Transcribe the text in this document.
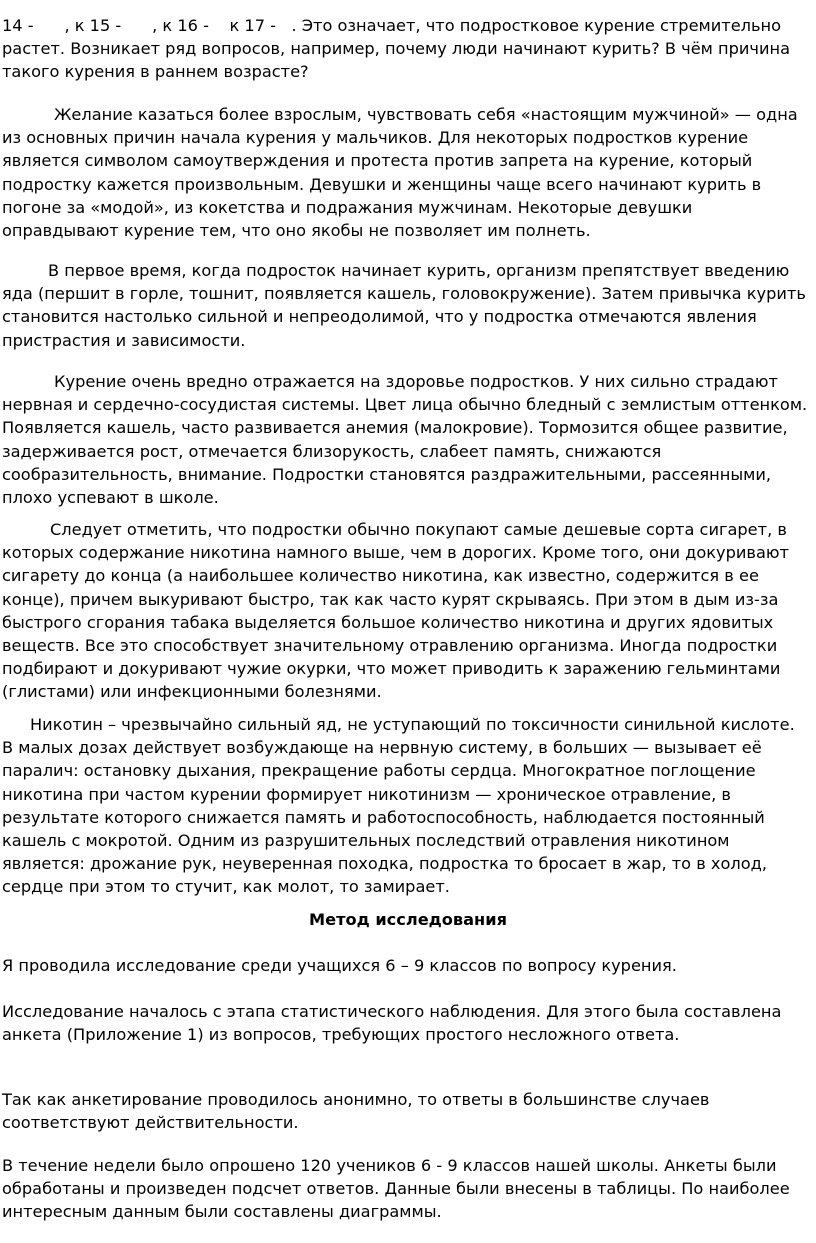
14 -      , к 15 -      , к 16 -    к 17 -   . Это означает, что подростковое курение стремительно растет. Возникает ряд вопросов, например, почему люди начинают курить? В чём причина такого курения в раннем возрасте?

Желание казаться более взрослым, чувствовать себя «настоящим мужчиной» — одна из основных причин начала курения у мальчиков. Для некоторых подростков курение является символом самоутверждения и протеста против запрета на курение, который подростку кажется произвольным. Девушки и женщины чаще всего начинают курить в погоне за «модой», из кокетства и подражания мужчинам. Некоторые девушки оправдывают курение тем, что оно якобы не позволяет им полнеть.

В первое время, когда подросток начинает курить, организм препятствует введению яда (першит в горле, тошнит, появляется кашель, головокружение). Затем привычка курить становится настолько сильной и непреодолимой, что у подростка отмечаются явления пристрастия и зависимости.

Курение очень вредно отражается на здоровье подростков. У них сильно страдают нервная и сердечно-сосудистая системы. Цвет лица обычно бледный с землистым оттенком. Появляется кашель, часто развивается анемия (малокровие). Тормозится общее развитие, задерживается рост, отмечается близорукость, слабеет память, снижаются сообразительность, внимание. Подростки становятся раздражительными, рассеянными, плохо успевают в школе.

Следует отметить, что подростки обычно покупают самые дешевые сорта сигарет, в которых содержание никотина намного выше, чем в дорогих. Кроме того, они докуривают сигарету до конца (а наибольшее количество никотина, как известно, содержится в ее конце), причем выкуривают быстро, так как часто курят скрываясь. При этом в дым из-за быстрого сгорания табака выделяется большое количество никотина и других ядовитых веществ. Все это способствует значительному отравлению организма. Иногда подростки подбирают и докуривают чужие окурки, что может приводить к заражению гельминтами (глистами) или инфекционными болезнями.

Никотин – чрезвычайно сильный яд, не уступающий по токсичности синильной кислоте. В малых дозах действует возбуждающе на нервную систему, в больших — вызывает её паралич: остановку дыхания, прекращение работы сердца. Многократное поглощение никотина при частом курении формирует никотинизм — хроническое отравление, в результате которого снижается память и работоспособность, наблюдается постоянный кашель с мокротой. Одним из разрушительных последствий отравления никотином является: дрожание рук, неуверенная походка, подростка то бросает в жар, то в холод, сердце при этом то стучит, как молот, то замирает.

Метод исследования

Я проводила исследование среди учащихся 6 – 9 классов по вопросу курения.

Исследование началось с этапа статистического наблюдения. Для этого была составлена анкета (Приложение 1) из вопросов, требующих простого несложного ответа.

Так как анкетирование проводилось анонимно, то ответы в большинстве случаев соответствуют действительности.

В течение недели было опрошено 120 учеников 6 - 9 классов нашей школы. Анкеты были обработаны и произведен подсчет ответов. Данные были внесены в таблицы. По наиболее интересным данным были составлены диаграммы.
